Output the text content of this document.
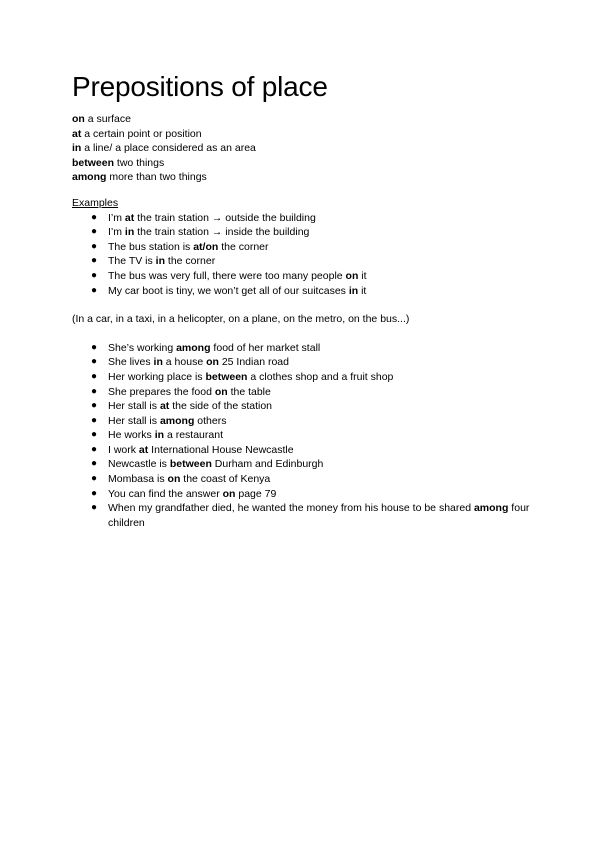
Prepositions of place
on a surface
at a certain point or position
in a line/ a place considered as an area
between two things
among more than two things
Examples
● I’m at the train station → outside the building
● I’m in the train station → inside the building
● The bus station is at/on the corner
● The TV is in the corner
● The bus was very full, there were too many people on it
● My car boot is tiny, we won’t get all of our suitcases in it
(In a car, in a taxi, in a helicopter, on a plane, on the metro, on the bus...)
● She’s working among food of her market stall
● She lives in a house on 25 Indian road
● Her working place is between a clothes shop and a fruit shop
● She prepares the food on the table
● Her stall is at the side of the station
● Her stall is among others
● He works in a restaurant
● I work at International House Newcastle
● Newcastle is between Durham and Edinburgh
● Mombasa is on the coast of Kenya
● You can find the answer on page 79
● When my grandfather died, he wanted the money from his house to be shared among four children
